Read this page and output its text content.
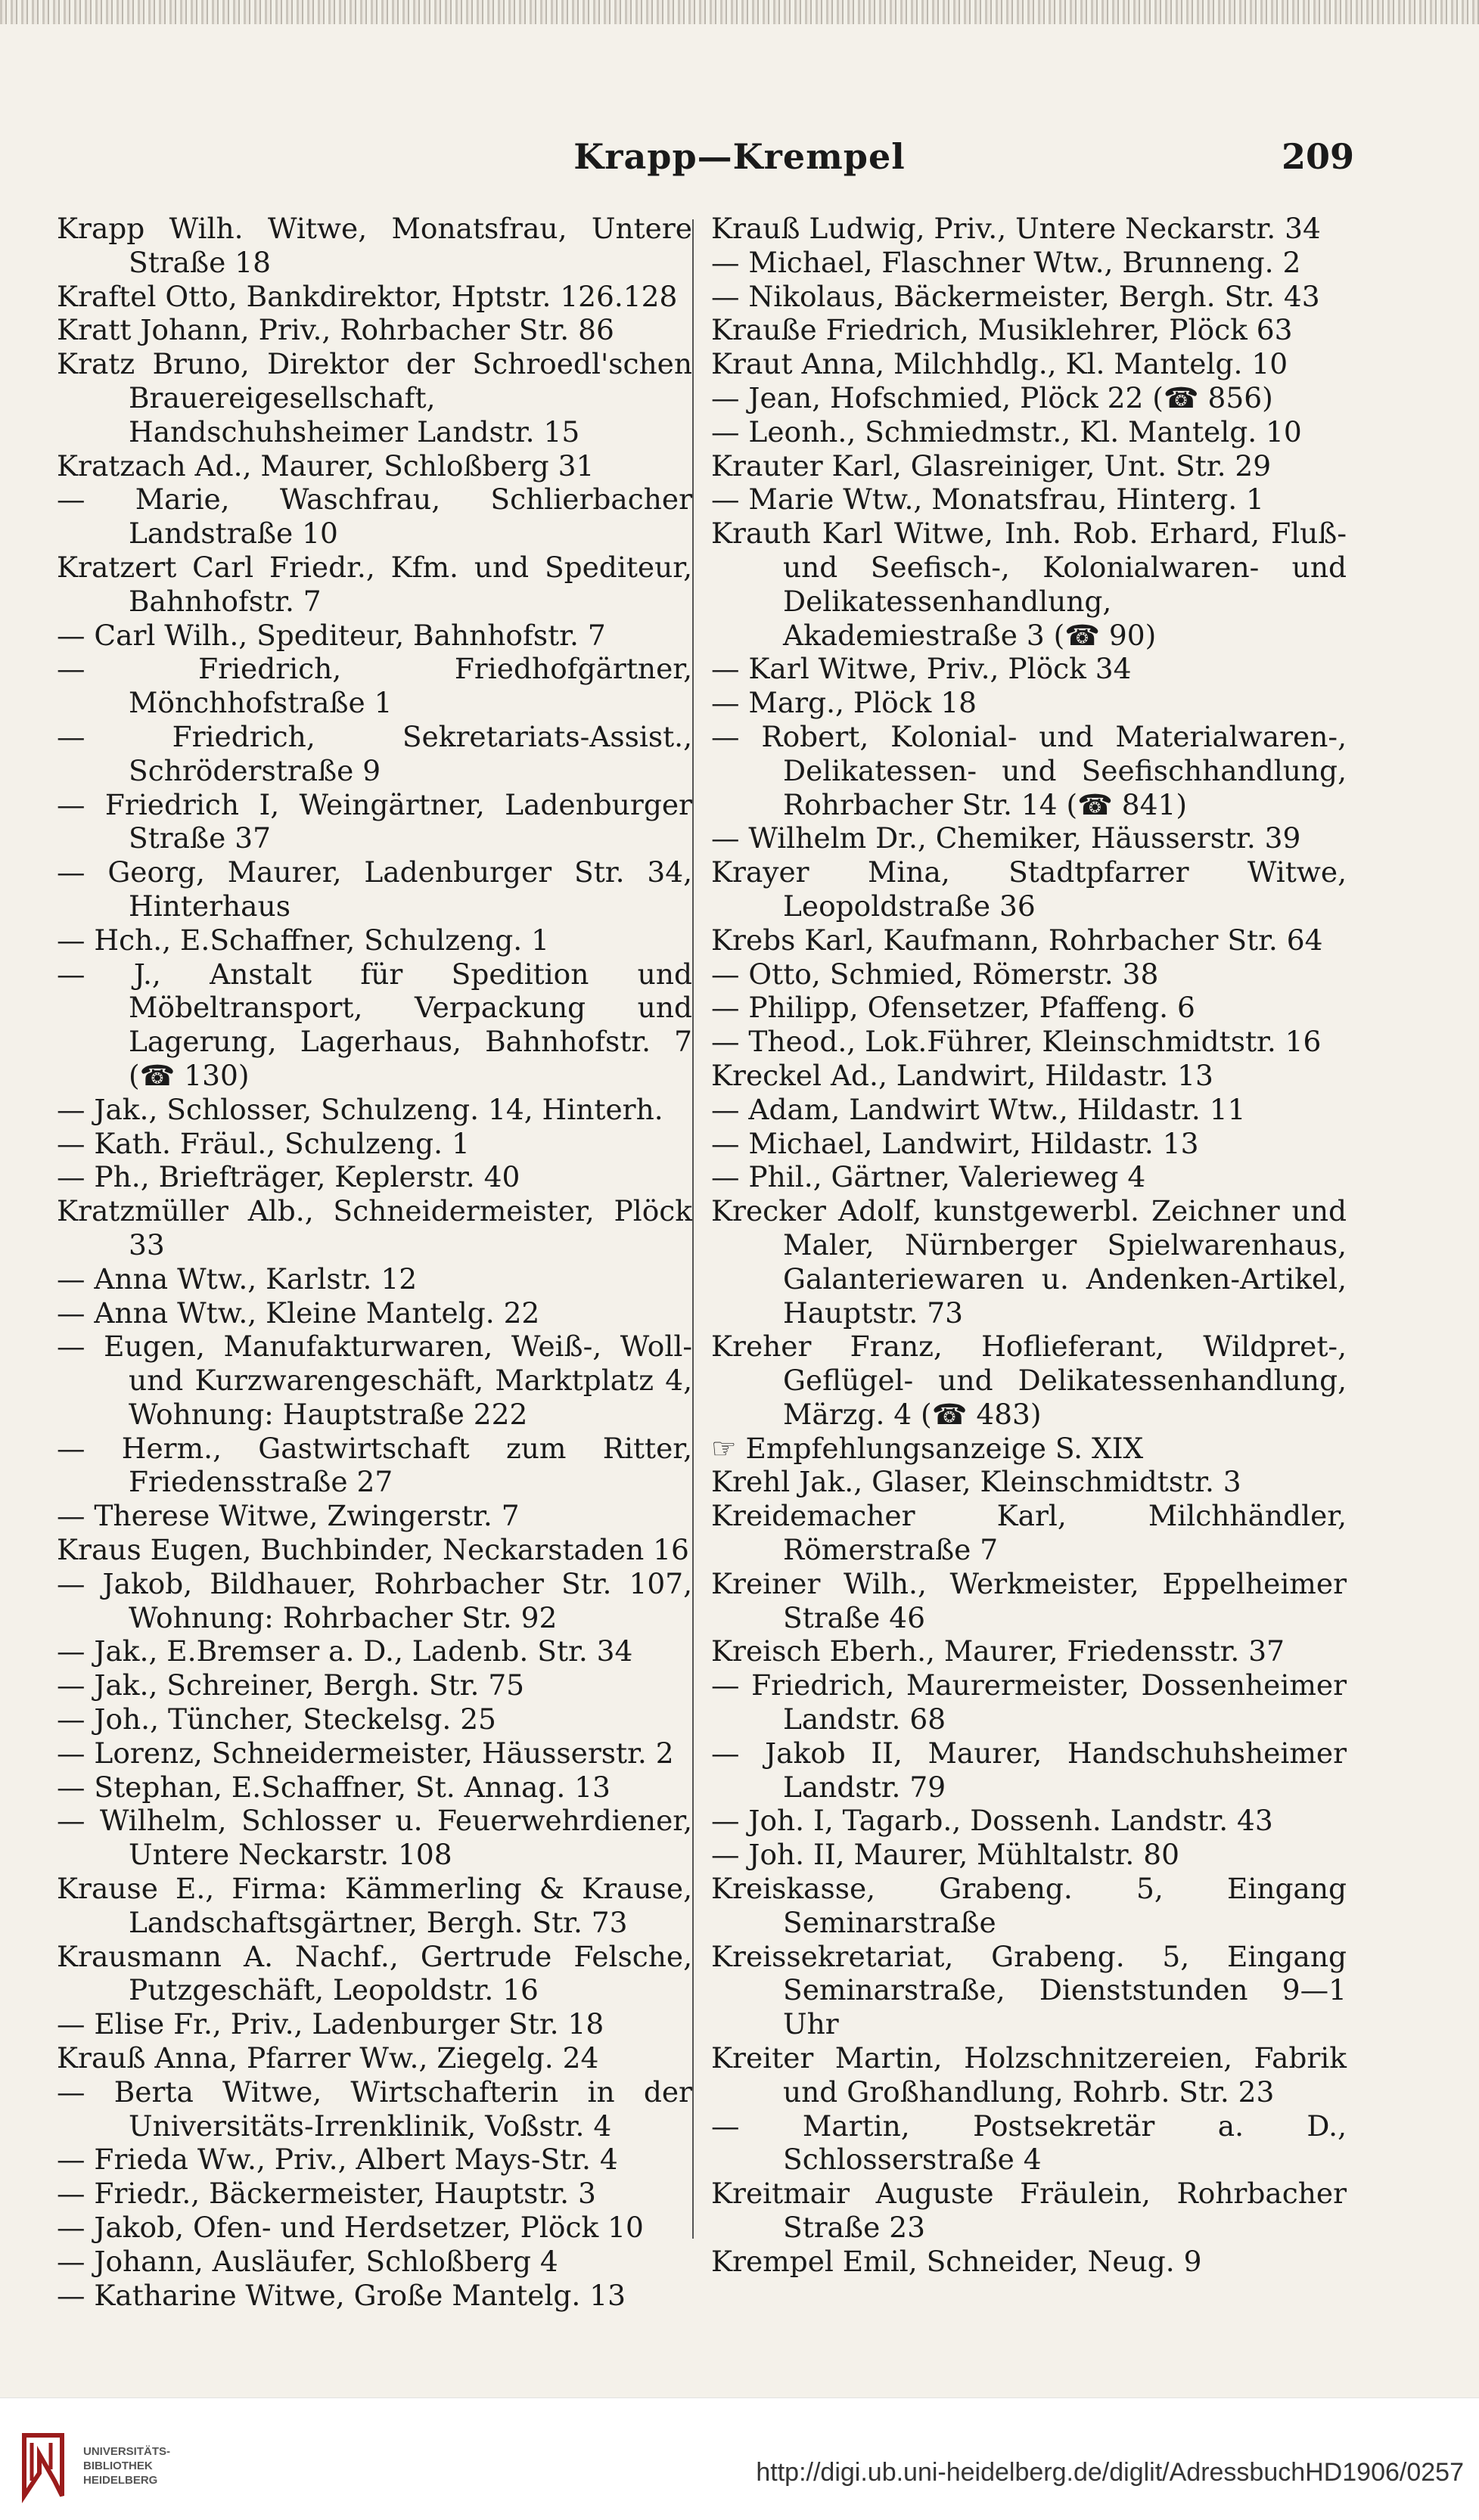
Krapp—Krempel	209
Krapp Wilh. Witwe, Monatsfrau, Untere Straße 18
Kraftel Otto, Bankdirektor, Hptstr. 126.128
Kratt Johann, Priv., Rohrbacher Str. 86
Kratz Bruno, Direktor der Schroedl'schen Brauereigesellschaft, Handschuhsheimer Landstr. 15
Kratzach Ad., Maurer, Schloßberg 31
— Marie, Waschfrau, Schlierbacher Landstraße 10
Kratzert Carl Friedr., Kfm. und Spediteur, Bahnhofstr. 7
— Carl Wilh., Spediteur, Bahnhofstr. 7
— Friedrich, Friedhofgärtner, Mönchhofstraße 1
— Friedrich, Sekretariats-Assist., Schröderstraße 9
— Friedrich I, Weingärtner, Ladenburger Straße 37
— Georg, Maurer, Ladenburger Str. 34, Hinterhaus
— Hch., E.Schaffner, Schulzeng. 1
— J., Anstalt für Spedition und Möbeltransport, Verpackung und Lagerung, Lagerhaus, Bahnhofstr. 7 (☎ 130)
— Jak., Schlosser, Schulzeng. 14, Hinterh.
— Kath. Fräul., Schulzeng. 1
— Ph., Briefträger, Keplerstr. 40
Kratzmüller Alb., Schneidermeister, Plöck 33
— Anna Wtw., Karlstr. 12
— Anna Wtw., Kleine Mantelg. 22
— Eugen, Manufakturwaren, Weiß-, Woll- und Kurzwarengeschäft, Marktplatz 4, Wohnung: Hauptstraße 222
— Herm., Gastwirtschaft zum Ritter, Friedensstraße 27
— Therese Witwe, Zwingerstr. 7
Kraus Eugen, Buchbinder, Neckarstaden 16
— Jakob, Bildhauer, Rohrbacher Str. 107, Wohnung: Rohrbacher Str. 92
— Jak., E.Bremser a. D., Ladenb. Str. 34
— Jak., Schreiner, Bergh. Str. 75
— Joh., Tüncher, Steckelsg. 25
— Lorenz, Schneidermeister, Häusserstr. 2
— Stephan, E.Schaffner, St. Annag. 13
— Wilhelm, Schlosser u. Feuerwehrdiener, Untere Neckarstr. 108
Krause E., Firma: Kämmerling & Krause, Landschaftsgärtner, Bergh. Str. 73
Krausmann A. Nachf., Gertrude Felsche, Putzgeschäft, Leopoldstr. 16
— Elise Fr., Priv., Ladenburger Str. 18
Krauß Anna, Pfarrer Ww., Ziegelg. 24
— Berta Witwe, Wirtschafterin in der Universitäts-Irrenklinik, Voßstr. 4
— Frieda Ww., Priv., Albert Mays-Str. 4
— Friedr., Bäckermeister, Hauptstr. 3
— Jakob, Ofen- und Herdsetzer, Plöck 10
— Johann, Ausläufer, Schloßberg 4
— Katharine Witwe, Große Mantelg. 13
Krauß Ludwig, Priv., Untere Neckarstr. 34
— Michael, Flaschner Wtw., Brunneng. 2
— Nikolaus, Bäckermeister, Bergh. Str. 43
Krauße Friedrich, Musiklehrer, Plöck 63
Kraut Anna, Milchhdlg., Kl. Mantelg. 10
— Jean, Hofschmied, Plöck 22 (☎ 856)
— Leonh., Schmiedmstr., Kl. Mantelg. 10
Krauter Karl, Glasreiniger, Unt. Str. 29
— Marie Wtw., Monatsfrau, Hinterg. 1
Krauth Karl Witwe, Inh. Rob. Erhard, Fluß- und Seefisch-, Kolonialwaren- und Delikatessenhandlung, Akademiestraße 3 (☎ 90)
— Karl Witwe, Priv., Plöck 34
— Marg., Plöck 18
— Robert, Kolonial- und Materialwaren-, Delikatessen- und Seefischhandlung, Rohrbacher Str. 14 (☎ 841)
— Wilhelm Dr., Chemiker, Häusserstr. 39
Krayer Mina, Stadtpfarrer Witwe, Leopoldstraße 36
Krebs Karl, Kaufmann, Rohrbacher Str. 64
— Otto, Schmied, Römerstr. 38
— Philipp, Ofensetzer, Pfaffeng. 6
— Theod., Lok.Führer, Kleinschmidtstr. 16
Kreckel Ad., Landwirt, Hildastr. 13
— Adam, Landwirt Wtw., Hildastr. 11
— Michael, Landwirt, Hildastr. 13
— Phil., Gärtner, Valerieweg 4
Krecker Adolf, kunstgewerbl. Zeichner und Maler, Nürnberger Spielwarenhaus, Galanteriewaren u. Andenken-Artikel, Hauptstr. 73
Kreher Franz, Hoflieferant, Wildpret-, Geflügel- und Delikatessenhandlung, Märzg. 4 (☎ 483)
☞ Empfehlungsanzeige S. XIX
Krehl Jak., Glaser, Kleinschmidtstr. 3
Kreidemacher Karl, Milchhändler, Römerstraße 7
Kreiner Wilh., Werkmeister, Eppelheimer Straße 46
Kreisch Eberh., Maurer, Friedensstr. 37
— Friedrich, Maurermeister, Dossenheimer Landstr. 68
— Jakob II, Maurer, Handschuhsheimer Landstr. 79
— Joh. I, Tagarb., Dossenh. Landstr. 43
— Joh. II, Maurer, Mühltalstr. 80
Kreiskasse, Grabeng. 5, Eingang Seminarstraße
Kreissekretariat, Grabeng. 5, Eingang Seminarstraße, Dienststunden 9—1 Uhr
Kreiter Martin, Holzschnitzereien, Fabrik und Großhandlung, Rohrb. Str. 23
— Martin, Postsekretär a. D., Schlosserstraße 4
Kreitmair Auguste Fräulein, Rohrbacher Straße 23
Krempel Emil, Schneider, Neug. 9
UNIVERSITÄTS-
BIBLIOTHEK
HEIDELBERG	http://digi.ub.uni-heidelberg.de/diglit/AdressbuchHD1906/0257
